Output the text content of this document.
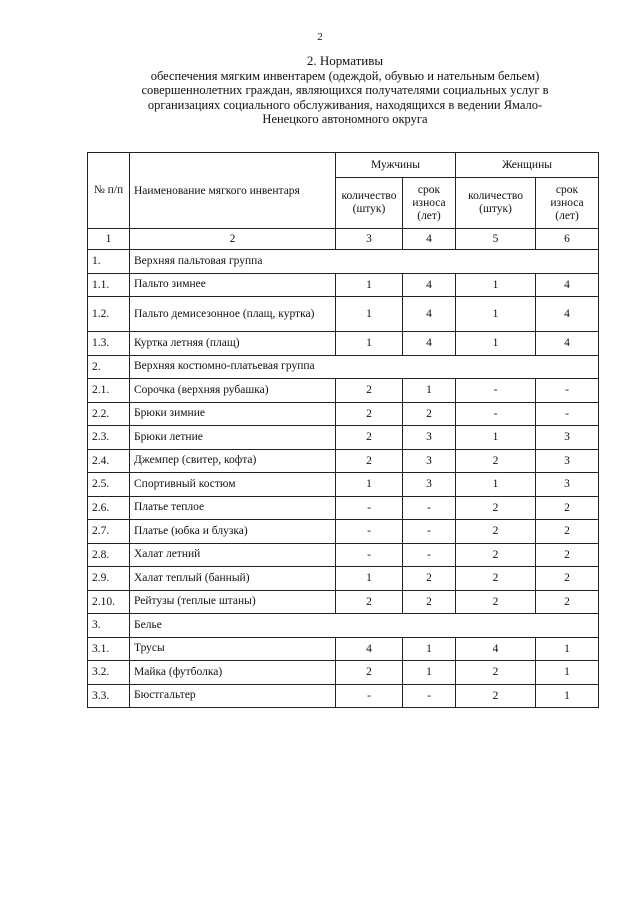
2
2. Нормативы
обеспечения мягким инвентарем (одеждой, обувью и нательным бельем)
совершеннолетних граждан, являющихся получателями социальных услуг в
организациях социального обслуживания, находящихся в ведении Ямало-
Ненецкого автономного округа
№ п/п	Наименование мягкого инвентаря	Мужчины		Женщины	
		количество (штук)	срок износа (лет)	количество (штук)	срок износа (лет)
1	2	3	4	5	6
1.	Верхняя пальтовая группа				
1.1.	Пальто зимнее	1	4	1	4
1.2.	Пальто демисезонное (плащ, куртка)	1	4	1	4
1.3.	Куртка летняя (плащ)	1	4	1	4
2.	Верхняя костюмно-платьевая группа				
2.1.	Сорочка (верхняя рубашка)	2	1	-	-
2.2.	Брюки зимние	2	2	-	-
2.3.	Брюки летние	2	3	1	3
2.4.	Джемпер (свитер, кофта)	2	3	2	3
2.5.	Спортивный костюм	1	3	1	3
2.6.	Платье теплое	-	-	2	2
2.7.	Платье (юбка и блузка)	-	-	2	2
2.8.	Халат летний	-	-	2	2
2.9.	Халат теплый (банный)	1	2	2	2
2.10.	Рейтузы (теплые штаны)	2	2	2	2
3.	Белье				
3.1.	Трусы	4	1	4	1
3.2.	Майка (футболка)	2	1	2	1
3.3.	Бюстгальтер	-	-	2	1
